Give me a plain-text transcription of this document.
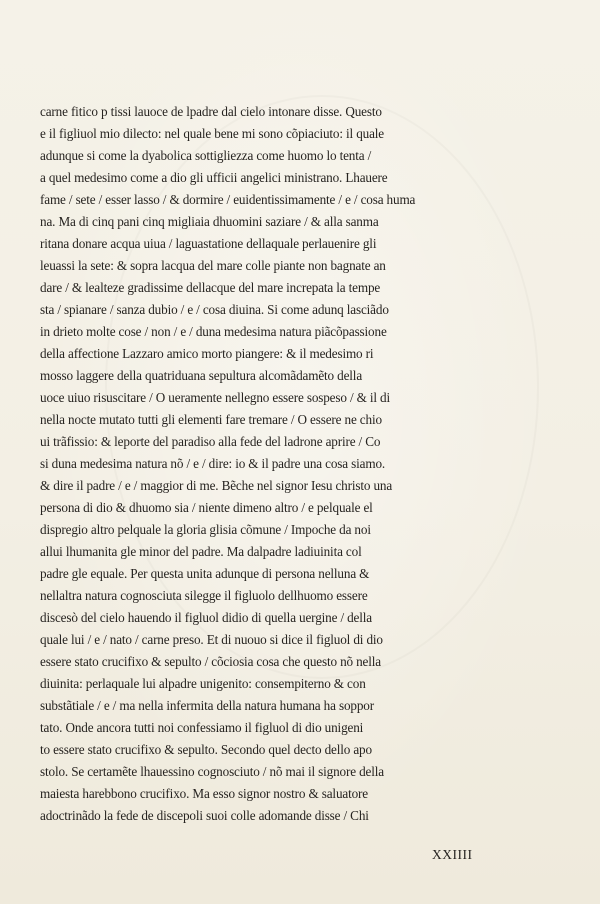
carne fitico p tissi lauoce de lpadre dal cielo intonare disse. Questo
e il figliuol mio dilecto: nel quale bene mi sono cõpiaciuto: il quale
adunque si come la dyabolica sottigliezza come huomo lo tenta /
a quel medesimo come a dio gli ufficii angelici ministrano. Lhauere
fame / sete / esser lasso / & dormire / euidentissimamente / e / cosa huma
na. Ma di cinq pani cinq migliaia dhuomini saziare / & alla sanma
ritana donare acqua uiua / laguastatione dellaquale perlauenire gli
leuassi la sete: & sopra lacqua del mare colle piante non bagnate an
dare / & lealteze gradissime dellacque del mare increpata la tempe
sta / spianare / sanza dubio / e / cosa diuina. Si come adunq lasciãdo
in drieto molte cose / non / e / duna medesima natura piãcõpassione
della affectione Lazzaro amico morto piangere: & il medesimo ri
mosso laggere della quatriduana sepultura alcomãdamẽto della
uoce uiuo risuscitare / O ueramente nellegno essere sospeso / & il di
nella nocte mutato tutti gli elementi fare tremare / O essere ne chio
ui trãfissio: & leporte del paradiso alla fede del ladrone aprire / Co
si duna medesima natura nõ / e / dire: io & il padre una cosa siamo.
& dire il padre / e / maggior di me. Bẽche nel signor Iesu christo una
persona di dio & dhuomo sia / niente dimeno altro / e pelquale el
dispregio altro pelquale la gloria glisia cõmune / Impoche da noi
allui lhumanita gle minor del padre. Ma dalpadre ladiuinita col
padre gle equale. Per questa unita adunque di persona nelluna &
nellaltra natura cognosciuta silegge il figluolo dellhuomo essere
discesò del cielo hauendo il figluol didio di quella uergine / della
quale lui / e / nato / carne preso. Et di nuouo si dice il figluol di dio
essere stato crucifixo & sepulto / cõciosia cosa che questo nõ nella
diuinita: perlaquale lui alpadre unigenito: consempiterno & con
substãtiale / e / ma nella infermita della natura humana ha soppor
tato. Onde ancora tutti noi confessiamo il figluol di dio unigeni
to essere stato crucifixo & sepulto. Secondo quel decto dello apo
stolo. Se certamẽte lhauessino cognosciuto / nõ mai il signore della
maiesta harebbono crucifixo. Ma esso signor nostro & saluatore
adoctrinãdo la fede de discepoli suoi colle adomande disse / Chi
XXIIII
